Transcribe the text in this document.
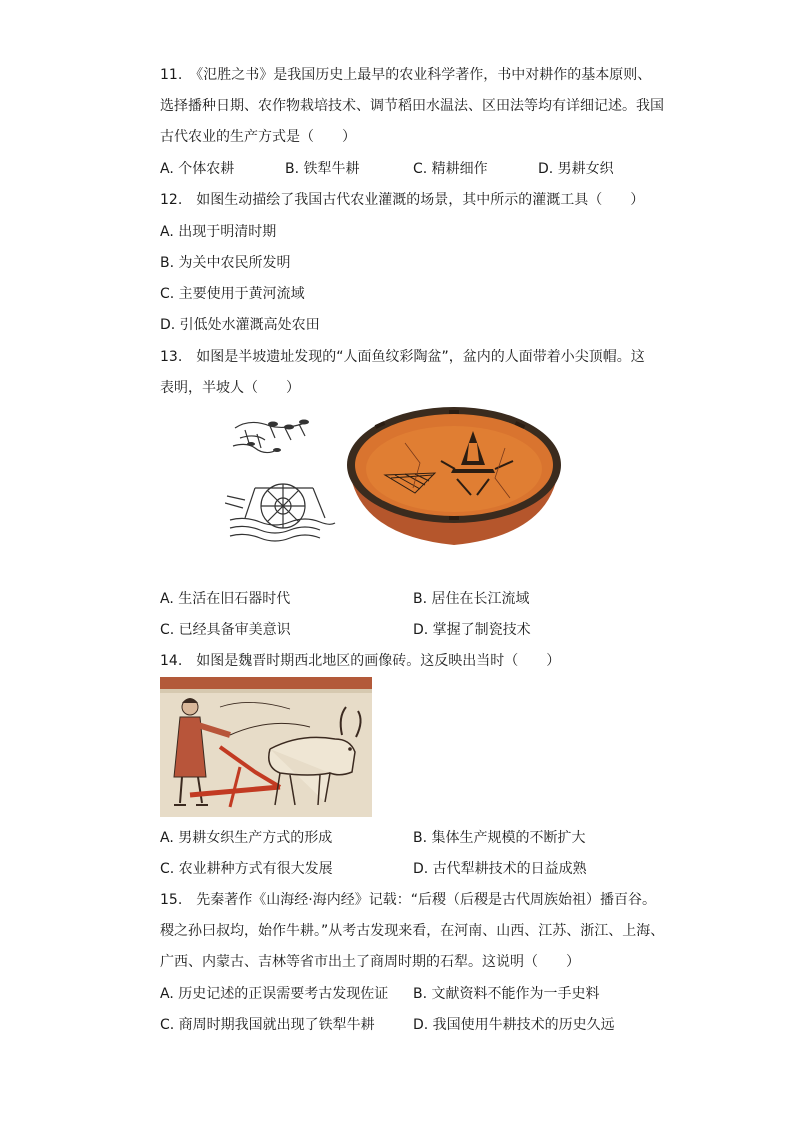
11.　《氾胜之书》是我国历史上最早的农业科学著作，书中对耕作的基本原则、
选择播种日期、农作物栽培技术、调节稻田水温法、区田法等均有详细记述。我国
古代农业的生产方式是（　　）
A. 个体农耕	B. 铁犁牛耕	C. 精耕细作	D. 男耕女织
12.　如图生动描绘了我国古代农业灌溉的场景，其中所示的灌溉工具（　　）
A. 出现于明清时期
B. 为关中农民所发明
C. 主要使用于黄河流域
D. 引低处水灌溉高处农田
13.　如图是半坡遗址发现的“人面鱼纹彩陶盆”，盆内的人面带着小尖顶帽。这
表明，半坡人（　　）
A. 生活在旧石器时代	B. 居住在长江流域
C. 已经具备审美意识	D. 掌握了制瓷技术
14.　如图是魏晋时期西北地区的画像砖。这反映出当时（　　）
A. 男耕女织生产方式的形成	B. 集体生产规模的不断扩大
C. 农业耕种方式有很大发展	D. 古代犁耕技术的日益成熟
15.　先秦著作《山海经·海内经》记载：“后稷（后稷是古代周族始祖）播百谷。
稷之孙曰叔均，始作牛耕。”从考古发现来看，在河南、山西、江苏、浙江、上海、
广西、内蒙古、吉林等省市出土了商周时期的石犁。这说明（　　）
A. 历史记述的正误需要考古发现佐证 B. 文献资料不能作为一手史料
C. 商周时期我国就出现了铁犁牛耕	D. 我国使用牛耕技术的历史久远
